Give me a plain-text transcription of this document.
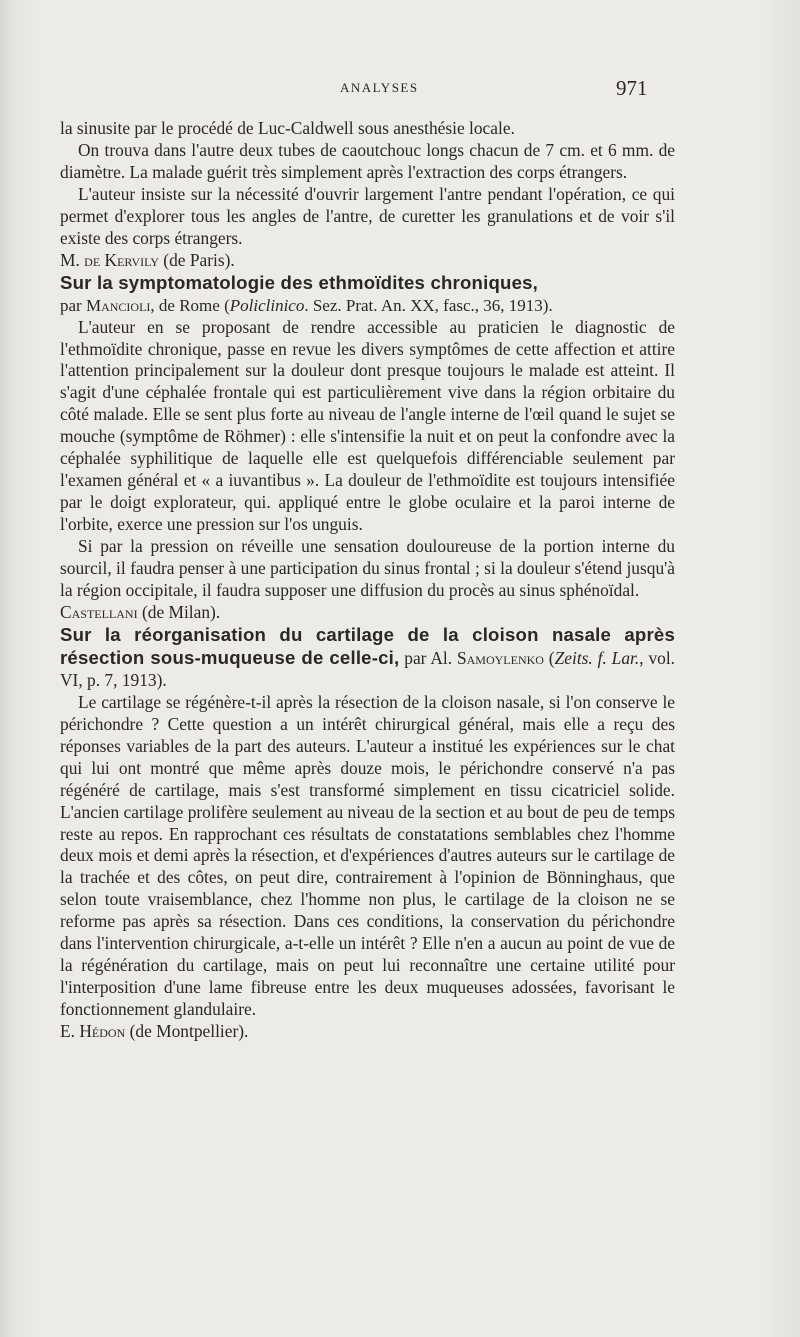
ANALYSES	971

la sinusite par le procédé de Luc-Caldwell sous anesthésie locale.

On trouva dans l'autre deux tubes de caoutchouc longs chacun de 7 cm. et 6 mm. de diamètre. La malade guérit très simplement après l'extraction des corps étrangers.

L'auteur insiste sur la nécessité d'ouvrir largement l'antre pendant l'opération, ce qui permet d'explorer tous les angles de l'antre, de curetter les granulations et de voir s'il existe des corps étrangers.

M. de Kervily (de Paris).

Sur la symptomatologie des ethmoïdites chroniques,
par Mancioli, de Rome (Policlinico. Sez. Prat. An. XX, fasc., 36, 1913).

L'auteur en se proposant de rendre accessible au praticien le diagnostic de l'ethmoïdite chronique, passe en revue les divers symptômes de cette affection et attire l'attention principalement sur la douleur dont presque toujours le malade est atteint. Il s'agit d'une céphalée frontale qui est particulièrement vive dans la région orbitaire du côté malade. Elle se sent plus forte au niveau de l'angle interne de l'œil quand le sujet se mouche (symptôme de Röhmer) : elle s'intensifie la nuit et on peut la confondre avec la céphalée syphilitique de laquelle elle est quelquefois différenciable seulement par l'examen général et « a iuvantibus ». La douleur de l'ethmoïdite est toujours intensifiée par le doigt explorateur, qui. appliqué entre le globe oculaire et la paroi interne de l'orbite, exerce une pression sur l'os unguis.

Si par la pression on réveille une sensation douloureuse de la portion interne du sourcil, il faudra penser à une participation du sinus frontal ; si la douleur s'étend jusqu'à la région occipitale, il faudra supposer une diffusion du procès au sinus sphénoïdal.

Castellani (de Milan).

Sur la réorganisation du cartilage de la cloison nasale après résection sous-muqueuse de celle-ci, par Al. Samoylenko (Zeits. f. Lar., vol. VI, p. 7, 1913).

Le cartilage se régénère-t-il après la résection de la cloison nasale, si l'on conserve le périchondre ? Cette question a un intérêt chirurgical général, mais elle a reçu des réponses variables de la part des auteurs. L'auteur a institué les expériences sur le chat qui lui ont montré que même après douze mois, le périchondre conservé n'a pas régénéré de cartilage, mais s'est transformé simplement en tissu cicatriciel solide. L'ancien cartilage prolifère seulement au niveau de la section et au bout de peu de temps reste au repos. En rapprochant ces résultats de constatations semblables chez l'homme deux mois et demi après la résection, et d'expériences d'autres auteurs sur le cartilage de la trachée et des côtes, on peut dire, contrairement à l'opinion de Bönninghaus, que selon toute vraisemblance, chez l'homme non plus, le cartilage de la cloison ne se reforme pas après sa résection. Dans ces conditions, la conservation du périchondre dans l'intervention chirurgicale, a-t-elle un intérêt ? Elle n'en a aucun au point de vue de la régénération du cartilage, mais on peut lui reconnaître une certaine utilité pour l'interposition d'une lame fibreuse entre les deux muqueuses adossées, favorisant le fonctionnement glandulaire.

E. Hédon (de Montpellier).
